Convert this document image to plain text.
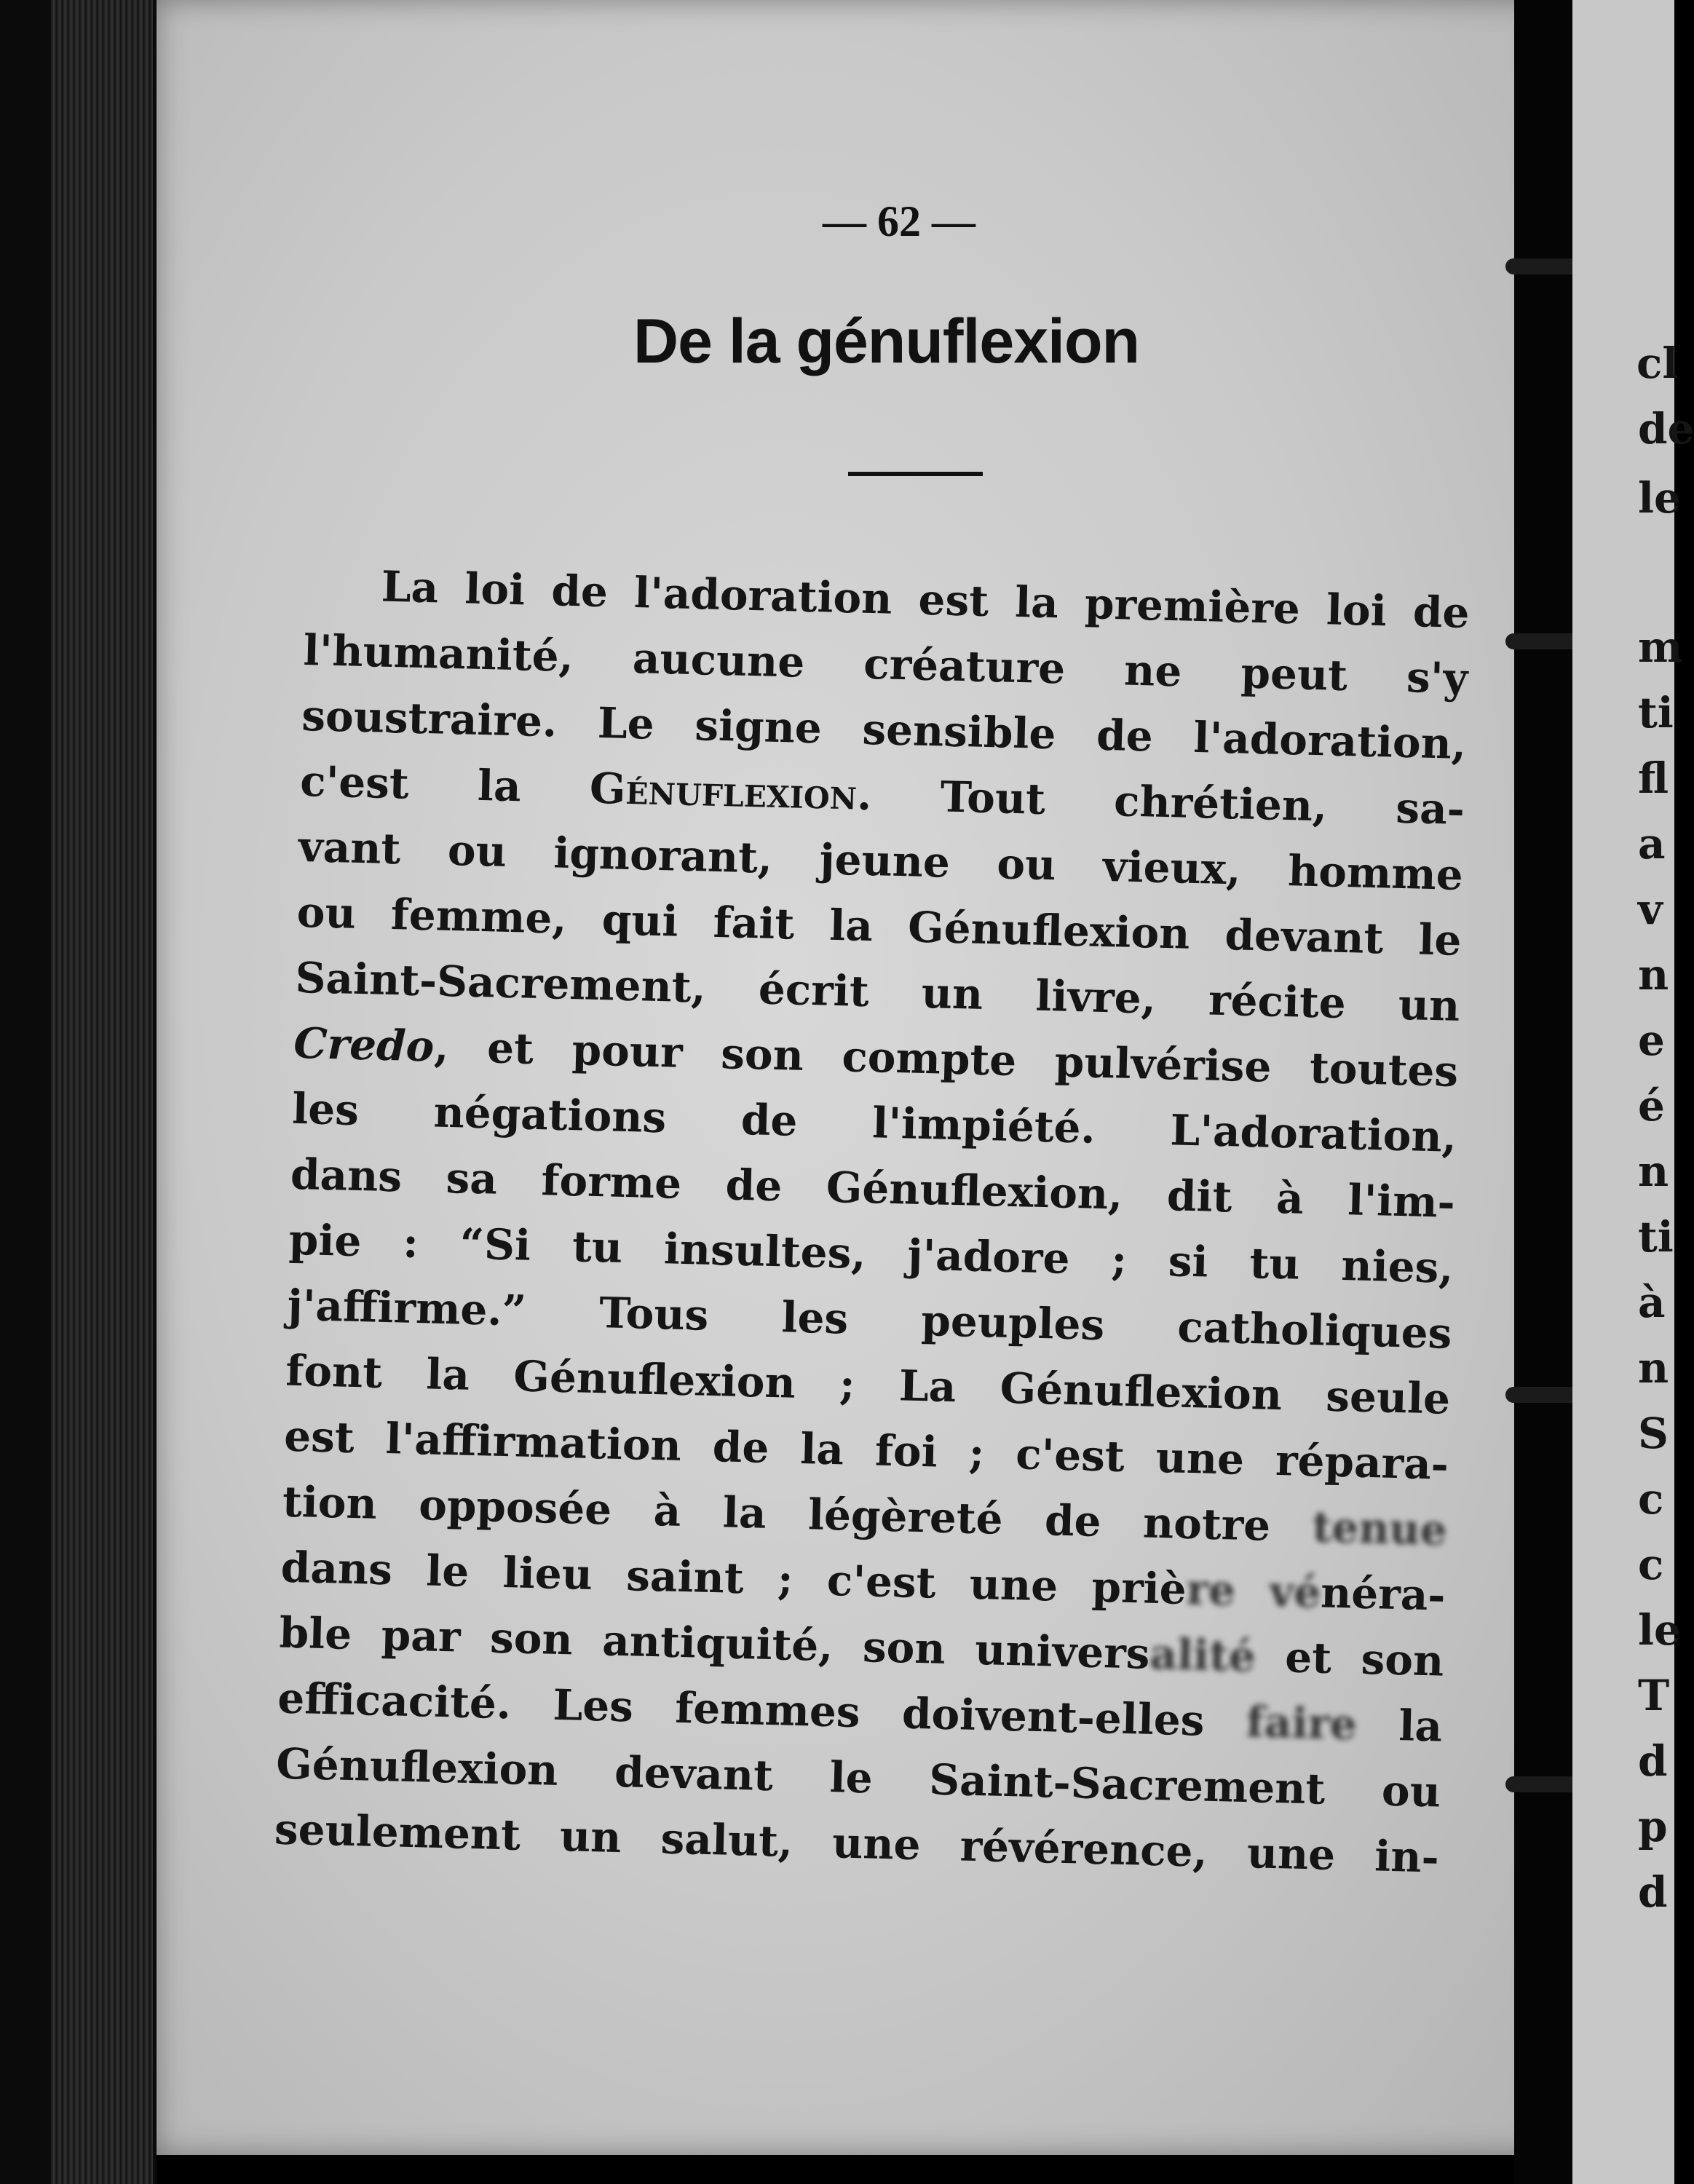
cl
de
le
m
ti
fl
a
v
n
e
é
n
ti
à
n
S
c
c
le
T
d
p
d
— 62 —
De la génuflexion
La loi de l'adoration est la première loi de
l'humanité, aucune créature ne peut s'y
soustraire. Le signe sensible de l'adoration,
c'est la Génuflexion. Tout chrétien, sa-
vant ou ignorant, jeune ou vieux, homme
ou femme, qui fait la Génuflexion devant le
Saint-Sacrement, écrit un livre, récite un
Credo, et pour son compte pulvérise toutes
les négations de l'impiété. L'adoration,
dans sa forme de Génuflexion, dit à l'im-
pie : “Si tu insultes, j'adore ; si tu nies,
j'affirme.” Tous les peuples catholiques
font la Génuflexion ; La Génuflexion seule
est l'affirmation de la foi ; c'est une répara-
tion opposée à la légèreté de notre tenue
dans le lieu saint ; c'est une prière vénéra-
ble par son antiquité, son universalité et son
efficacité. Les femmes doivent-elles faire la
Génuflexion devant le Saint-Sacrement ou
seulement un salut, une révérence, une in-
